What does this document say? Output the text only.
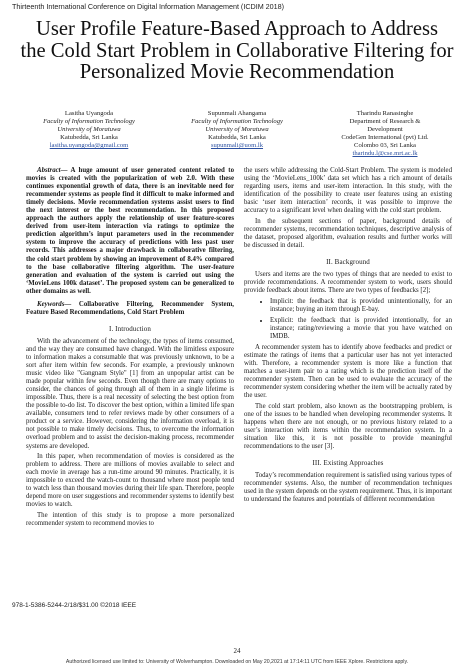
Thirteenth International Conference on Digital Information Management (ICDIM 2018)
User Profile Feature-Based Approach to Address
the Cold Start Problem in Collaborative Filtering for
Personalized Movie Recommendation
Lasitha Uyangoda
Faculty of Information Technology
University of Moratuwa
Katubedda, Sri Lanka
lasitha.uyangoda@gmail.com
Supunmali Ahangama
Faculty of Information Technology
University of Moratuwa
Katubedda, Sri Lanka
supunmali@uom.lk
Tharindu Ranasinghe
Department of Research &
Development
CodeGen International (pvt) Ltd.
Colombo 03, Sri Lanka
tharindu.l@cse.mrt.ac.lk

Abstract— A huge amount of user generated content related to movies is created with the popularization of web 2.0. With these continues exponential growth of data, there is an inevitable need for recommender systems as people find it difficult to make informed and timely decisions. Movie recommendation systems assist users to find the next interest or the best recommendation. In this proposed approach the authors apply the relationship of user feature-scores derived from user-item interaction via ratings to optimize the prediction algorithm’s input parameters used in the recommender system to improve the accuracy of predictions with less past user records. This addresses a major drawback in collaborative filtering, the cold start problem by showing an improvement of 8.4% compared to the base collaborative filtering algorithm. The user-feature generation and evaluation of the system is carried out using the ‘MovieLens 100k dataset’. The proposed system can be generalized to other domains as well.

Keywords— Collaborative Filtering, Recommender System, Feature Based Recommendations, Cold Start Problem

I. Introduction

With the advancement of the technology, the types of items consumed, and the way they are consumed have changed. With the limitless exposure to information makes a consumable that was previously unknown, to be a sort after item within few seconds. For example, a previously unknown music video like "Gangnam Style" [1] from an unpopular artist can be made popular within few seconds. Even though there are many options to consider, the chances of going through all of them in a single lifetime is impossible. Thus, there is a real necessity of selecting the best option from the possible to-do list. To discover the best option, within a limited life span available, consumers tend to refer reviews made by other consumers of a product or a service. However, considering the information overload, it is not possible to make timely decisions. Thus, to overcome the information overload problem and to assist the decision-making process, recommender systems are developed.

In this paper, when recommendation of movies is considered as the problem to address. There are millions of movies available to select and each movie in average has a run-time around 90 minutes. Practically, it is impossible to exceed the watch-count to thousand where most people tend to watch less than thousand movies during their life span. Therefore, people depend more on user suggestions and recommender systems to identify best movies to watch.

The intention of this study is to propose a more personalized recommender system to recommend movies to

the users while addressing the Cold-Start Problem. The system is modeled using the ‘MovieLens_100k’ data set which has a rich amount of details regarding users, items and user-item interaction. In this study, with the identification of the possibility to create user features using an existing basic ‘user item interaction’ records, it was possible to improve the accuracy to a significant level when dealing with the cold start problem.

In the subsequent sections of paper, background details of recommender systems, recommendation techniques, descriptive analysis of the dataset, proposed algorithm, evaluation results and further works will be discussed in detail.

II. Background

Users and items are the two types of things that are needed to exist to provide recommendations. A recommender system to work, users should provide feedback about items. There are two types of feedbacks [2];

• Implicit: the feedback that is provided unintentionally, for an instance; buying an item through E-bay.
• Explicit: the feedback that is provided intentionally, for an instance; rating/reviewing a movie that you have watched on IMDB.

A recommender system has to identify above feedbacks and predict or estimate the ratings of items that a particular user has not yet interacted with. Therefore, a recommender system is more like a function that matches a user-item pair to a rating which is the prediction itself of the recommender system. Then can be used to evaluate the accuracy of the recommender system considering whether the item will be actually rated by the user.

The cold start problem, also known as the bootstrapping problem, is one of the issues to be handled when developing recommender systems. It happens when there are not enough, or no previous history related to a user’s interaction with items within the recommendation system. In a situation like this, it is not possible to provide meaningful recommendations to the user [3].

III. Existing Approaches

Today’s recommendation requirement is satisfied using various types of recommender systems. Also, the number of recommendation techniques used in the system depends on the system requirement. Thus, it is important to understand the features and potentials of different recommendation

978-1-5386-5244-2/18/$31.00 ©2018 IEEE
24
Authorized licensed use limited to: University of Wolverhampton. Downloaded on May 20,2021 at 17:14:11 UTC from IEEE Xplore. Restrictions apply.
